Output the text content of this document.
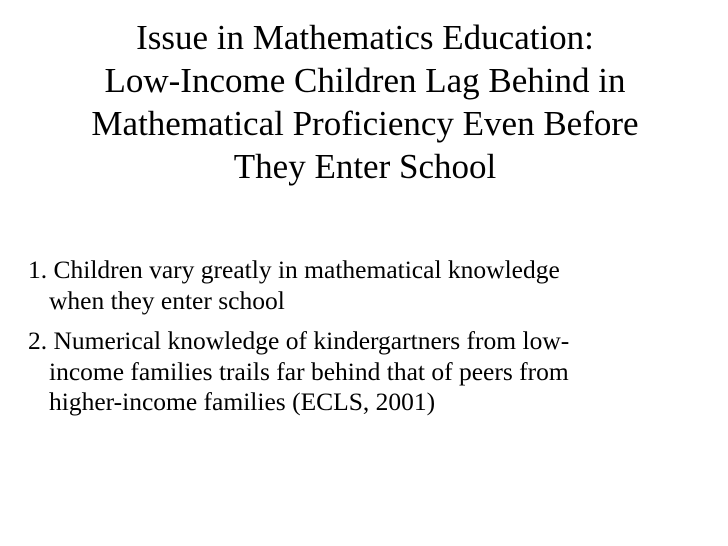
Issue in Mathematics Education:
Low-Income Children Lag Behind in
Mathematical Proficiency Even Before
They Enter School
1. Children vary greatly in mathematical knowledge
when they enter school
2. Numerical knowledge of kindergartners from low-
income families trails far behind that of peers from
higher-income families (ECLS, 2001)
